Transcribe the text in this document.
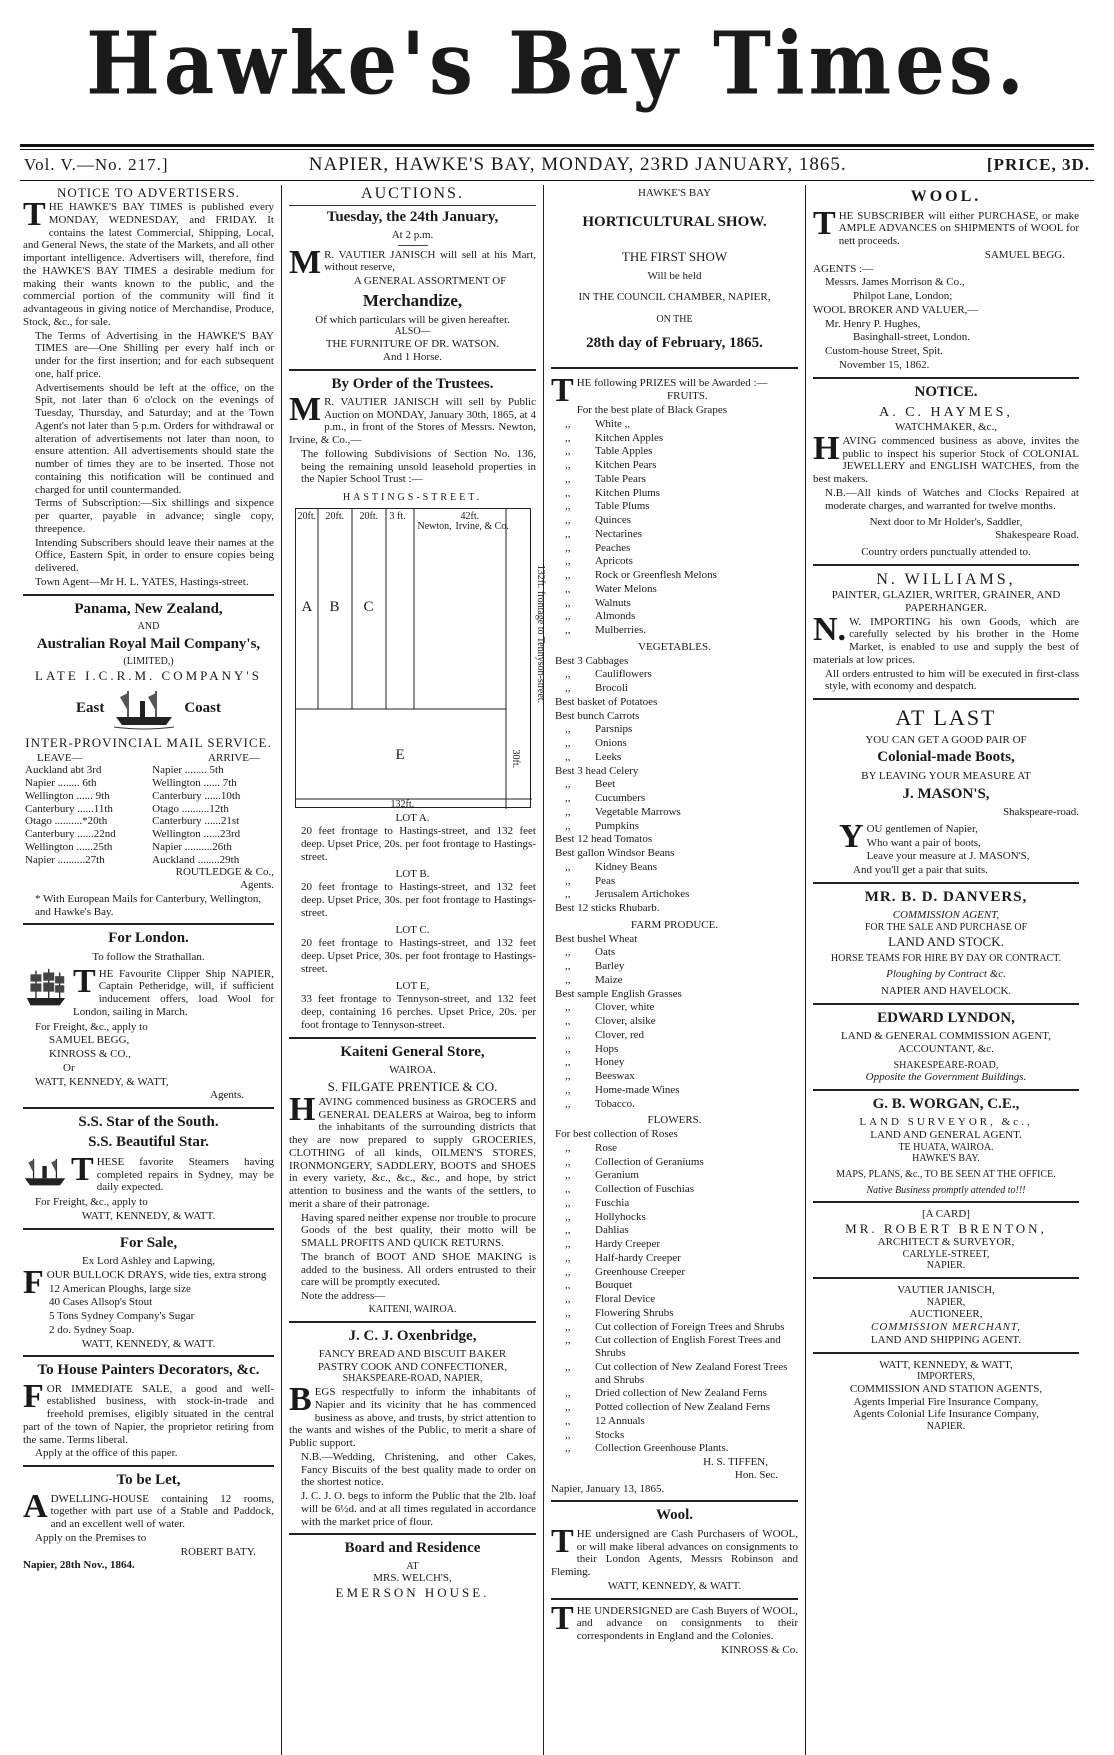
Hawke's Bay Times.
Vol. V.—No. 217.]	NAPIER, HAWKE'S BAY, MONDAY, 23RD JANUARY, 1865.	[PRICE, 3D.
NOTICE TO ADVERTISERS.

THE HAWKE'S BAY TIMES is published every MONDAY, WEDNESDAY, and FRIDAY. It contains the latest Commercial, Shipping, Local, and General News, the state of the Markets, and all other important intelligence. Advertisers will, therefore, find the HAWKE'S BAY TIMES a desirable medium for making their wants known to the public, and the commercial portion of the community will find it advantageous in giving notice of Merchandise, Produce, Stock, &c., for sale.

The Terms of Advertising in the HAWKE'S BAY TIMES are—One Shilling per every half inch or under for the first insertion; and for each subsequent one, half price.

Advertisements should be left at the office, on the Spit, not later than 6 o'clock on the evenings of Tuesday, Thursday, and Saturday; and at the Town Agent's not later than 5 p.m. Orders for withdrawal or alteration of advertisements not later than noon, to ensure attention. All advertisements should state the number of times they are to be inserted. Those not containing this notification will be continued and charged for until countermanded.

Terms of Subscription:—Six shillings and sixpence per quarter, payable in advance; single copy, threepence.

Intending Subscribers should leave their names at the Office, Eastern Spit, in order to ensure copies being delivered.

Town Agent—Mr H. L. YATES, Hastings-street.

Panama, New Zealand,
AND
Australian Royal Mail Company's,
(LIMITED,)
LATE I.C.R.M. COMPANY'S
East	Coast
INTER-PROVINCIAL MAIL SERVICE.
LEAVE—	ARRIVE—
Auckland abt 3rd	Napier ........ 5th
Napier ........ 6th	Wellington ...... 7th
Wellington ...... 9th	Canterbury ......10th
Canterbury ......11th	Otago ..........12th
Otago ..........*20th	Canterbury ......21st
Canterbury ......22nd	Wellington ......23rd
Wellington ......25th	Napier ..........26th
Napier ..........27th	Auckland ........29th
ROUTLEDGE & Co.,
Agents.

* With European Mails for Canterbury, Wellington, and Hawke's Bay.

For London.
To follow the Strathallan.

THE Favourite Clipper Ship NAPIER, Captain Petheridge, will, if sufficient inducement offers, load Wool for London, sailing in March.

For Freight, &c., apply to

SAMUEL BEGG,

KINROSS & CO.,

Or

WATT, KENNEDY, & WATT,

Agents.
S.S. Star of the South.
S.S. Beautiful Star.

THESE favorite Steamers having completed repairs in Sydney, may be daily expected.

For Freight, &c., apply to

WATT, KENNEDY, & WATT.
For Sale,
Ex Lord Ashley and Lapwing,

FOUR BULLOCK DRAYS, wide ties, extra strong

12 American Ploughs, large size

40 Cases Allsop's Stout

5 Tons Sydney Company's Sugar

2 do. Sydney Soap.

WATT, KENNEDY, & WATT.
To House Painters Decorators, &c.

FOR IMMEDIATE SALE, a good and well-established business, with stock-in-trade and freehold premises, eligibly situated in the central part of the town of Napier, the proprietor retiring from the same. Terms liberal.

Apply at the office of this paper.

To be Let,

ADWELLING-HOUSE containing 12 rooms, together with part use of a Stable and Paddock, and an excellent well of water.

Apply on the Premises to

ROBERT BATY.

Napier, 28th Nov., 1864.

AUCTIONS.
Tuesday, the 24th January,
At 2 p.m.

MR. VAUTIER JANISCH will sell at his Mart, without reserve,

A GENERAL ASSORTMENT OF
Merchandize,
Of which particulars will be given hereafter.
ALSO—
THE FURNITURE OF DR. WATSON.
And 1 Horse.
By Order of the Trustees.

MR. VAUTIER JANISCH will sell by Public Auction on MONDAY, January 30th, 1865, at 4 p.m., in front of the Stores of Messrs. Newton, Irvine, & Co.,—

The following Subdivisions of Section No. 136, being the remaining unsold leasehold properties in the Napier School Trust :—

HASTINGS-STREET.
20ft. 20ft. 20ft. 3 ft.	42ft.
Newton, Irvine, & Co.
A B C
E
132ft. frontage to Tennyson-street.
30ft.
132ft.
LOT A.

20 feet frontage to Hastings-street, and 132 feet deep. Upset Price, 20s. per foot frontage to Hastings-street.

LOT B.

20 feet frontage to Hastings-street, and 132 feet deep. Upset Price, 30s. per foot frontage to Hastings-street.

LOT C.

20 feet frontage to Hastings-street, and 132 feet deep. Upset Price, 30s. per foot frontage to Hastings-street.

LOT E,

33 feet frontage to Tennyson-street, and 132 feet deep, containing 16 perches. Upset Price, 20s. per foot frontage to Tennyson-street.

Kaiteni General Store,
WAIROA.
S. FILGATE PRENTICE & CO.

HAVING commenced business as GROCERS and GENERAL DEALERS at Wairoa, beg to inform the inhabitants of the surrounding districts that they are now prepared to supply GROCERIES, CLOTHING of all kinds, OILMEN'S STORES, IRONMONGERY, SADDLERY, BOOTS and SHOES in every variety, &c., &c., &c., and hope, by strict attention to business and the wants of the settlers, to merit a share of their patronage.

Having spared neither expense nor trouble to procure Goods of the best quality, their motto will be SMALL PROFITS AND QUICK RETURNS.

The branch of BOOT AND SHOE MAKING is added to the business. All orders entrusted to their care will be promptly executed.

Note the address—

KAITENI, WAIROA.
J. C. J. Oxenbridge,
FANCY BREAD AND BISCUIT BAKER
PASTRY COOK AND CONFECTIONER,
SHAKSPEARE-ROAD, NAPIER,

BEGS respectfully to inform the inhabitants of Napier and its vicinity that he has commenced business as above, and trusts, by strict attention to the wants and wishes of the Public, to merit a share of Public support.

N.B.—Wedding, Christening, and other Cakes, Fancy Biscuits of the best quality made to order on the shortest notice.

J. C. J. O. begs to inform the Public that the 2lb. loaf will be 6½d. and at all times regulated in accordance with the market price of flour.

Board and Residence
AT
MRS. WELCH'S,
EMERSON HOUSE.
HAWKE'S BAY
HORTICULTURAL SHOW.
THE FIRST SHOW
Will be held
IN THE COUNCIL CHAMBER, NAPIER,
ON THE
28th day of February, 1865.

THE following PRIZES will be Awarded :—

FRUITS.

For the best plate of Black Grapes

,, White ,,

,, Kitchen Apples

,, Table Apples

,, Kitchen Pears

,, Table Pears

,, Kitchen Plums

,, Table Plums

,, Quinces

,, Nectarines

,, Peaches

,, Apricots

,, Rock or Greenflesh Melons

,, Water Melons

,, Walnuts

,, Almonds

,, Mulberries.

VEGETABLES.

Best 3 Cabbages

,, Cauliflowers

,, Brocoli

Best basket of Potatoes

Best bunch Carrots

,, Parsnips

,, Onions

,, Leeks

Best 3 head Celery

,, Beet

,, Cucumbers

,, Vegetable Marrows

,, Pumpkins

Best 12 head Tomatos

Best gallon Windsor Beans

,, Kidney Beans

,, Peas

,, Jerusalem Artichokes

Best 12 sticks Rhubarb.

FARM PRODUCE.

Best bushel Wheat

,, Oats

,, Barley

,, Maize

Best sample English Grasses

,, Clover, white

,, Clover, alsike

,, Clover, red

,, Hops

,, Honey

,, Beeswax

,, Home-made Wines

,, Tobacco.

FLOWERS.

For best collection of Roses

,,	Rose

,,	Collection of Geraniums

,,	Geranium

,,	Collection of Fuschias

,,	Fuschia

,,	Hollyhocks

,,	Dahlias

,,	Hardy Creeper

,,	Half-hardy Creeper

,,	Greenhouse Creeper

,,	Bouquet

,,	Floral Device

,,	Flowering Shrubs

,,	Cut collection of Foreign Trees and Shrubs

,,	Cut collection of English Forest Trees and Shrubs

,,	Cut collection of New Zealand Forest Trees and Shrubs

,,	Dried collection of New Zealand Ferns

,,	Potted collection of New Zealand Ferns

,,	12 Annuals

,,	Stocks

,,	Collection Greenhouse Plants.

H. S. TIFFEN,
Hon. Sec.

Napier, January 13, 1865.

Wool.

THE undersigned are Cash Purchasers of WOOL, or will make liberal advances on consignments to their London Agents, Messrs Robinson and Fleming.

WATT, KENNEDY, & WATT.

THE UNDERSIGNED are Cash Buyers of WOOL, and advance on consignments to their correspondents in England and the Colonies.

KINROSS & Co.
WOOL.

THE SUBSCRIBER will either PURCHASE, or make AMPLE ADVANCES on SHIPMENTS of WOOL for nett proceeds.

SAMUEL BEGG.

AGENTS :—

Messrs. James Morrison & Co.,

Philpot Lane, London;

WOOL BROKER AND VALUER,—

Mr. Henry P. Hughes,

Basinghall-street, London.

Custom-house Street, Spit.

November 15, 1862.

NOTICE.
A. C. HAYMES,
WATCHMAKER, &c.,

HAVING commenced business as above, invites the public to inspect his superior Stock of COLONIAL JEWELLERY and ENGLISH WATCHES, from the best makers.

N.B.—All kinds of Watches and Clocks Repaired at moderate charges, and warranted for twelve months.

Next door to Mr Holder's, Saddler,
Shakespeare Road.
Country orders punctually attended to.
N. WILLIAMS,
PAINTER, GLAZIER, WRITER, GRAINER, AND PAPERHANGER.

N.W. IMPORTING his own Goods, which are carefully selected by his brother in the Home Market, is enabled to use and supply the best of materials at low prices.

All orders entrusted to him will be executed in first-class style, with economy and despatch.

AT LAST
YOU CAN GET A GOOD PAIR OF
Colonial-made Boots,
BY LEAVING YOUR MEASURE AT
J. MASON'S,
Shakspeare-road.

YOU gentlemen of Napier,

Who want a pair of boots,

Leave your measure at J. MASON'S,

And you'll get a pair that suits.

MR. B. D. DANVERS,
COMMISSION AGENT,
FOR THE SALE AND PURCHASE OF
LAND AND STOCK.
HORSE TEAMS FOR HIRE BY DAY OR CONTRACT.
Ploughing by Contract &c.
NAPIER AND HAVELOCK.
EDWARD LYNDON,
LAND & GENERAL COMMISSION AGENT, ACCOUNTANT, &c.
SHAKESPEARE-ROAD,
Opposite the Government Buildings.
G. B. WORGAN, C.E.,
LAND SURVEYOR, &c.,
LAND AND GENERAL AGENT.
TE HUATA, WAIROA.
HAWKE'S BAY.
MAPS, PLANS, &c., TO BE SEEN AT THE OFFICE.
Native Business promptly attended to!!!
[A CARD]
MR. ROBERT BRENTON,
ARCHITECT & SURVEYOR,
CARLYLE-STREET,
NAPIER.
VAUTIER JANISCH,
NAPIER,
AUCTIONEER,
COMMISSION MERCHANT,
LAND AND SHIPPING AGENT.
WATT, KENNEDY, & WATT,
IMPORTERS,
COMMISSION AND STATION AGENTS,
Agents Imperial Fire Insurance Company,
Agents Colonial Life Insurance Company,
NAPIER.
